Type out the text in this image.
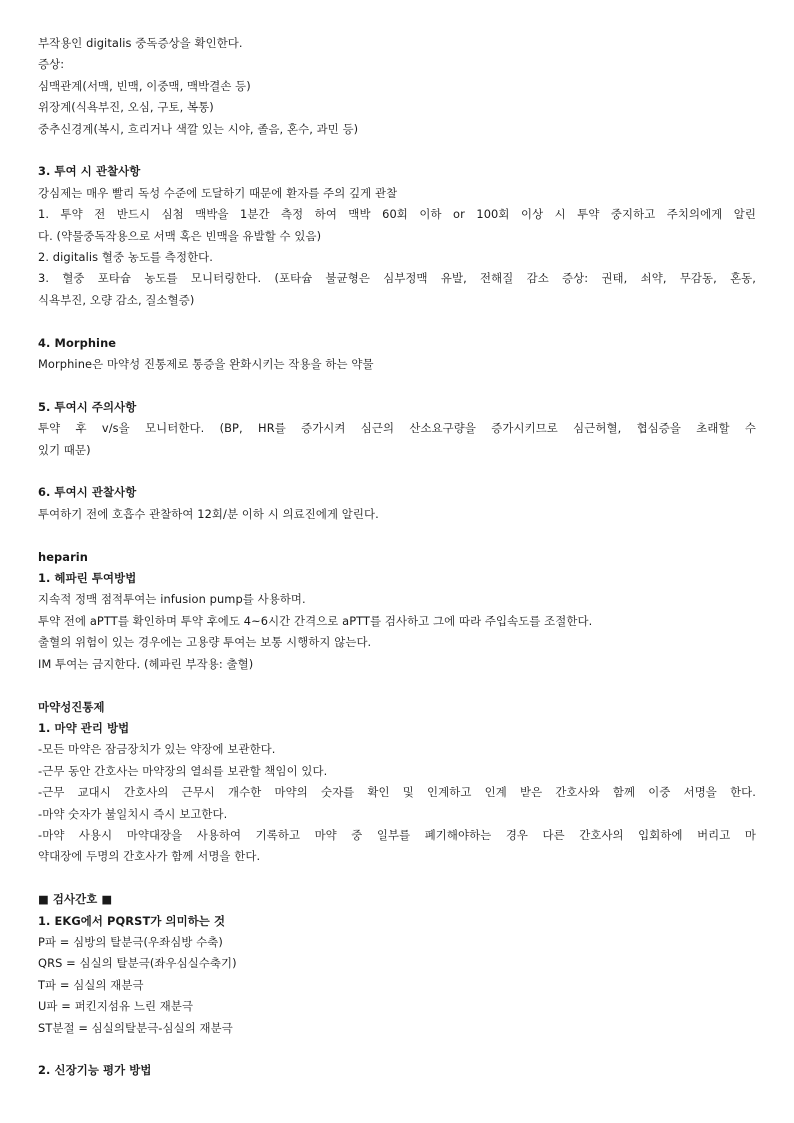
부작용인 digitalis 중독증상을 확인한다.
증상:
심맥관계(서맥, 빈맥, 이중맥, 맥박결손 등)
위장계(식욕부진, 오심, 구토, 복통)
중추신경계(복시, 흐리거나 색깔 있는 시야, 졸음, 혼수, 과민 등)
3. 투여 시 관찰사항
강심제는 매우 빨리 독성 수준에 도달하기 때문에 환자를 주의 깊게 관찰
1. 투약 전 반드시 심첨 맥박을 1분간 측정 하여 맥박 60회 이하 or 100회 이상 시 투약 중지하고 주치의에게 알린
다. (약물중독작용으로 서맥 혹은 빈맥을 유발할 수 있음)
2. digitalis 혈중 농도를 측정한다.
3. 혈중 포타슘 농도를 모니터링한다. (포타슘 불균형은 심부정맥 유발, 전해질 감소 증상: 권태, 쇠약, 무감동, 혼동,
식욕부진, 오량 감소, 질소혈증)
4. Morphine
Morphine은 마약성 진통제로 통증을 완화시키는 작용을 하는 약물
5. 투여시 주의사항
투약 후 v/s을 모니터한다. (BP, HR를 증가시켜 심근의 산소요구량을 증가시키므로 심근허혈, 협심증을 초래할 수
있기 때문)
6. 투여시 관찰사항
투여하기 전에 호흡수 관찰하여 12회/분 이하 시 의료진에게 알린다.
heparin
1. 헤파린 투여방법
지속적 정맥 점적투여는 infusion pump를 사용하며.
투약 전에 aPTT를 확인하며 투약 후에도 4~6시간 간격으로 aPTT를 검사하고 그에 따라 주입속도를 조절한다.
출혈의 위험이 있는 경우에는 고용량 투여는 보통 시행하지 않는다.
IM 투여는 금지한다. (헤파린 부작용: 출혈)
마약성진통제
1. 마약 관리 방법
-모든 마약은 잠금장치가 있는 약장에 보관한다.
-근무 동안 간호사는 마약장의 열쇠를 보관할 책임이 있다.
-근무 교대시 간호사의 근무시 개수한 마약의 숫자를 확인 및 인계하고 인계 받은 간호사와 함께 이중 서명을 한다.
-마약 숫자가 불일치시 즉시 보고한다.
-마약 사용시 마약대장을 사용하여 기록하고 마약 중 일부를 폐기해야하는 경우 다른 간호사의 입회하에 버리고 마
약대장에 두명의 간호사가 함께 서명을 한다.
■ 검사간호 ■
1. EKG에서 PQRST가 의미하는 것
P파 = 심방의 탈분극(우좌심방 수축)
QRS = 심실의 탈분극(좌우심실수축기)
T파 = 심실의 재분극
U파 = 퍼킨지섬유 느린 재분극
ST분절 = 심실의탈분극-심실의 재분극
2. 신장기능 평가 방법
